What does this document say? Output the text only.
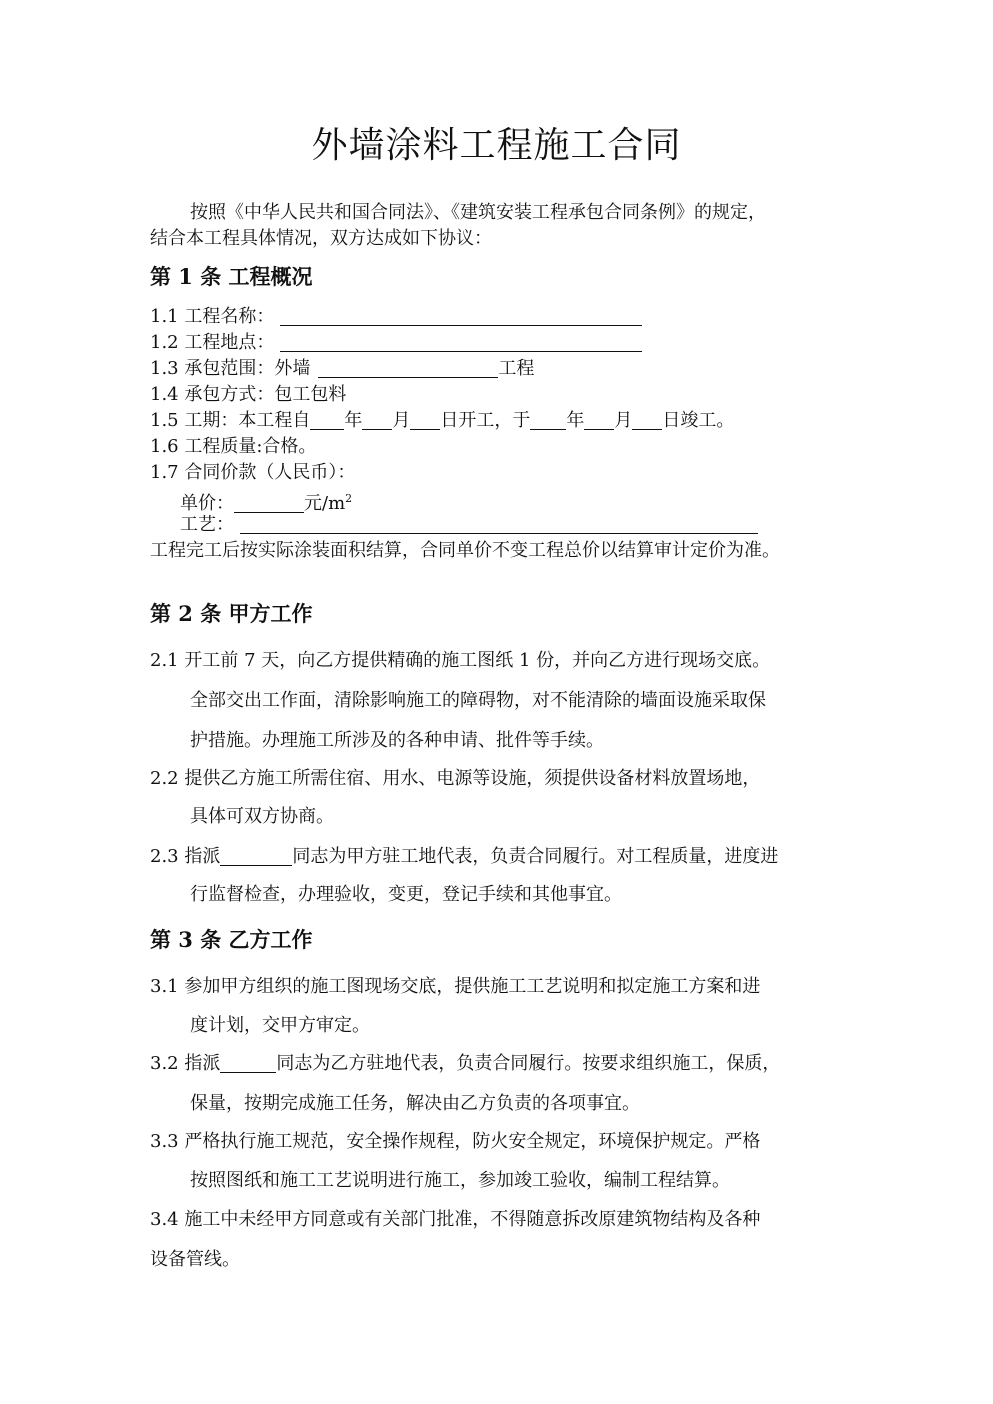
外墙涂料工程施工合同
按照《中华人民共和国合同法》、《建筑安装工程承包合同条例》的规定，
结合本工程具体情况，双方达成如下协议：
第 1 条 工程概况
1.1 工程名称：
1.2 工程地点：
1.3 承包范围：外墙	工程
1.4 承包方式：包工包料
1.5 工期：本工程自 年 月 日开工，于 年 月 日竣工。
1.6 工程质量:合格。
1.7 合同价款（人民币）：
单价：	元$/m^2$
工艺：
工程完工后按实际涂装面积结算，合同单价不变工程总价以结算审计定价为准。
第 2 条 甲方工作
2.1 开工前 7 天，向乙方提供精确的施工图纸 1 份，并向乙方进行现场交底。
全部交出工作面，清除影响施工的障碍物，对不能清除的墙面设施采取保
护措施。办理施工所涉及的各种申请、批件等手续。
2.2 提供乙方施工所需住宿、用水、电源等设施，须提供设备材料放置场地，
具体可双方协商。
2.3 指派	同志为甲方驻工地代表，负责合同履行。对工程质量，进度进
行监督检查，办理验收，变更，登记手续和其他事宜。
第 3 条 乙方工作
3.1 参加甲方组织的施工图现场交底，提供施工工艺说明和拟定施工方案和进
度计划，交甲方审定。
3.2 指派	同志为乙方驻地代表，负责合同履行。按要求组织施工，保质，
保量，按期完成施工任务，解决由乙方负责的各项事宜。
3.3 严格执行施工规范，安全操作规程，防火安全规定，环境保护规定。严格
按照图纸和施工工艺说明进行施工，参加竣工验收，编制工程结算。
3.4 施工中未经甲方同意或有关部门批准，不得随意拆改原建筑物结构及各种
设备管线。
